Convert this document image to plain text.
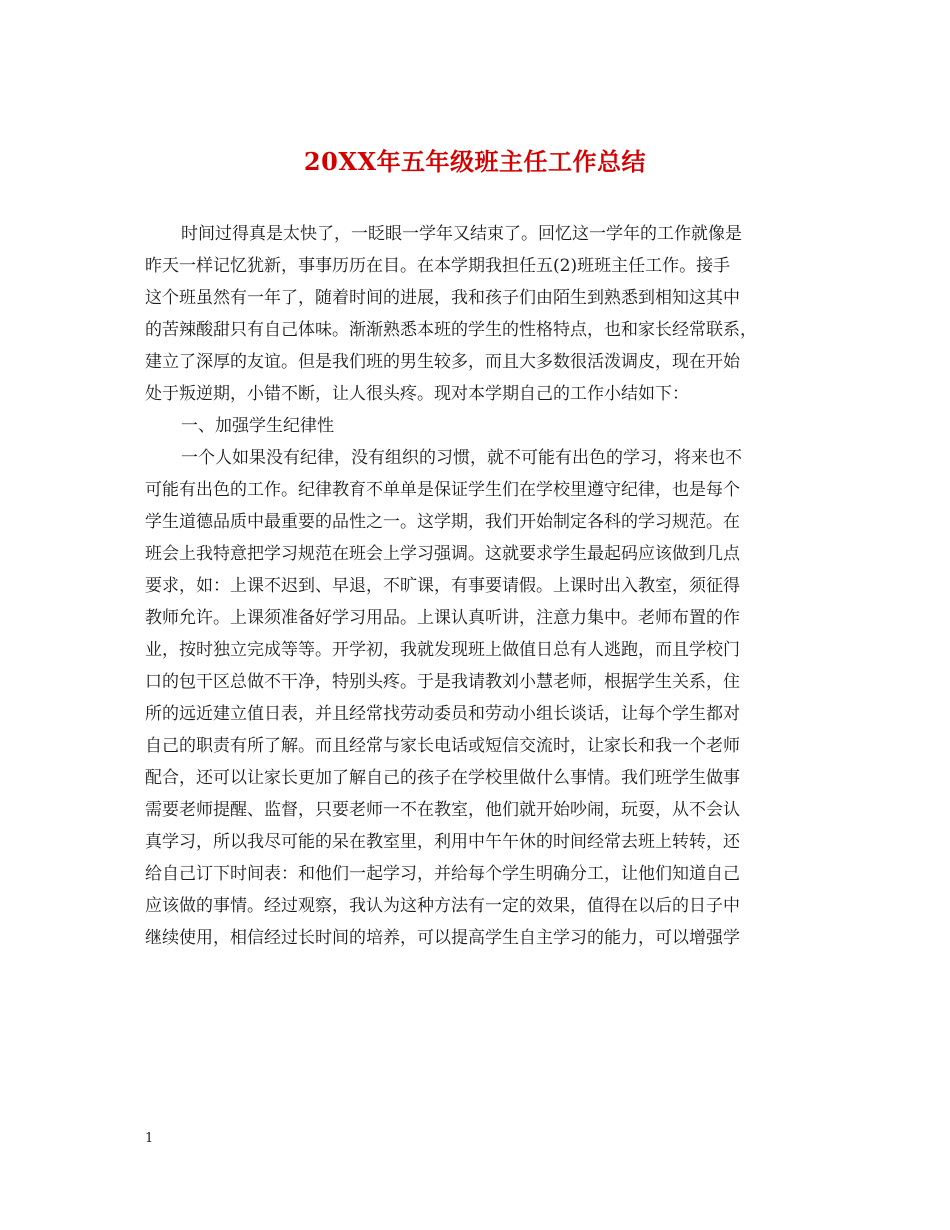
20XX年五年级班主任工作总结
时间过得真是太快了，一眨眼一学年又结束了。回忆这一学年的工作就像是
昨天一样记忆犹新，事事历历在目。在本学期我担任五(2)班班主任工作。接手
这个班虽然有一年了，随着时间的进展，我和孩子们由陌生到熟悉到相知这其中
的苦辣酸甜只有自己体味。渐渐熟悉本班的学生的性格特点，也和家长经常联系，
建立了深厚的友谊。但是我们班的男生较多，而且大多数很活泼调皮，现在开始
处于叛逆期，小错不断，让人很头疼。现对本学期自己的工作小结如下：
一、加强学生纪律性
一个人如果没有纪律，没有组织的习惯，就不可能有出色的学习，将来也不
可能有出色的工作。纪律教育不单单是保证学生们在学校里遵守纪律，也是每个
学生道德品质中最重要的品性之一。这学期，我们开始制定各科的学习规范。在
班会上我特意把学习规范在班会上学习强调。这就要求学生最起码应该做到几点
要求，如：上课不迟到、早退，不旷课，有事要请假。上课时出入教室，须征得
教师允许。上课须准备好学习用品。上课认真听讲，注意力集中。老师布置的作
业，按时独立完成等等。开学初，我就发现班上做值日总有人逃跑，而且学校门
口的包干区总做不干净，特别头疼。于是我请教刘小慧老师，根据学生关系，住
所的远近建立值日表，并且经常找劳动委员和劳动小组长谈话，让每个学生都对
自己的职责有所了解。而且经常与家长电话或短信交流时，让家长和我一个老师
配合，还可以让家长更加了解自己的孩子在学校里做什么事情。我们班学生做事
需要老师提醒、监督，只要老师一不在教室，他们就开始吵闹，玩耍，从不会认
真学习，所以我尽可能的呆在教室里，利用中午午休的时间经常去班上转转，还
给自己订下时间表：和他们一起学习，并给每个学生明确分工，让他们知道自己
应该做的事情。经过观察，我认为这种方法有一定的效果，值得在以后的日子中
继续使用，相信经过长时间的培养，可以提高学生自主学习的能力，可以增强学
1
